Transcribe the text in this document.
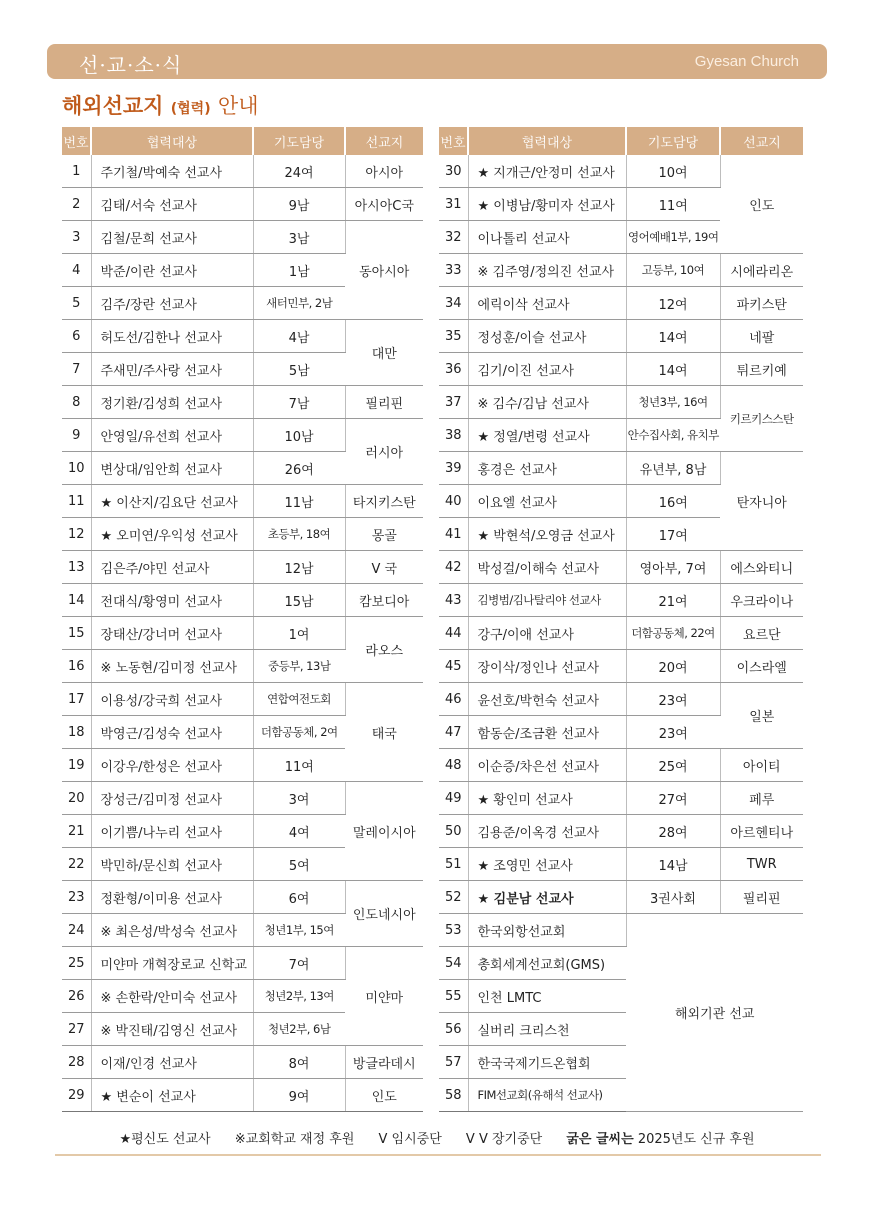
선·교·소·식	Gyesan Church
해외선교지 (협력) 안내
번호	협력대상	기도담당	선교지
1	주기철/박예숙 선교사	24여	아시아
2	김태/서숙 선교사	9남	아시아C국
3	김철/문희 선교사	3남	동아시아
4	박준/이란 선교사	1남	
5	김주/장란 선교사	새터민부, 2남	
6	허도선/김한나 선교사	4남	대만
7	주새민/주사랑 선교사	5남	
8	정기환/김성희 선교사	7남	필리핀
9	안영일/유선희 선교사	10남	러시아
10	변상대/임안희 선교사	26여	
11	★ 이산지/김요단 선교사	11남	타지키스탄
12	★ 오미연/우익성 선교사	초등부, 18여	몽골
13	김은주/야민 선교사	12남	V 국
14	전대식/황영미 선교사	15남	캄보디아
15	장태산/강너머 선교사	1여	라오스
16	※ 노동현/김미정 선교사	중등부, 13남	
17	이용성/강국희 선교사	연합여전도회	태국
18	박영근/김성숙 선교사	더함공동체, 2여	
19	이강우/한성은 선교사	11여	
20	장성근/김미정 선교사	3여	말레이시아
21	이기쁨/나누리 선교사	4여	
22	박민하/문신희 선교사	5여	
23	정환형/이미용 선교사	6여	인도네시아
24	※ 최은성/박성숙 선교사	청년1부, 15여	
25	미얀마 개혁장로교 신학교	7여	미얀마
26	※ 손한락/안미숙 선교사	청년2부, 13여	
27	※ 박진태/김영신 선교사	청년2부, 6남	
28	이재/인경 선교사	8여	방글라데시
29	★ 변순이 선교사	9여	인도
번호	협력대상	기도담당	선교지
30	★ 지개근/안정미 선교사	10여	인도
31	★ 이병남/황미자 선교사	11여	
32	이나톨리 선교사	영어예배1부, 19여	
33	※ 김주영/정의진 선교사	고등부, 10여	시에라리온
34	에릭이삭 선교사	12여	파키스탄
35	정성훈/이슬 선교사	14여	네팔
36	김기/이진 선교사	14여	튀르키예
37	※ 김수/김남 선교사	청년3부, 16여	키르키스스탄
38	★ 정열/변령 선교사	안수집사회, 유치부	
39	홍경은 선교사	유년부, 8남	탄자니아
40	이요엘 선교사	16여	
41	★ 박현석/오영금 선교사	17여	
42	박성걸/이해숙 선교사	영아부, 7여	에스와티니
43	김병범/김나탈리야 선교사	21여	우크라이나
44	강구/이애 선교사	더함공동체, 22여	요르단
45	장이삭/정인나 선교사	20여	이스라엘
46	윤선호/박헌숙 선교사	23여	일본
47	함동순/조금환 선교사	23여	
48	이순증/차은선 선교사	25여	아이티
49	★ 황인미 선교사	27여	페루
50	김용준/이옥경 선교사	28여	아르헨티나
51	★ 조영민 선교사	14남	TWR
52	★ 김분남 선교사	3권사회	필리핀
53	한국외항선교회	해외기관 선교	
54	총회세계선교회(GMS)		
55	인천 LMTC		
56	실버리 크리스천		
57	한국국제기드온협회		
58	FIM선교회(유해석 선교사)		
★평신도 선교사 ※교회학교 재정 후원 V 임시중단 V V 장기중단 굵은 글씨는 2025년도 신규 후원
